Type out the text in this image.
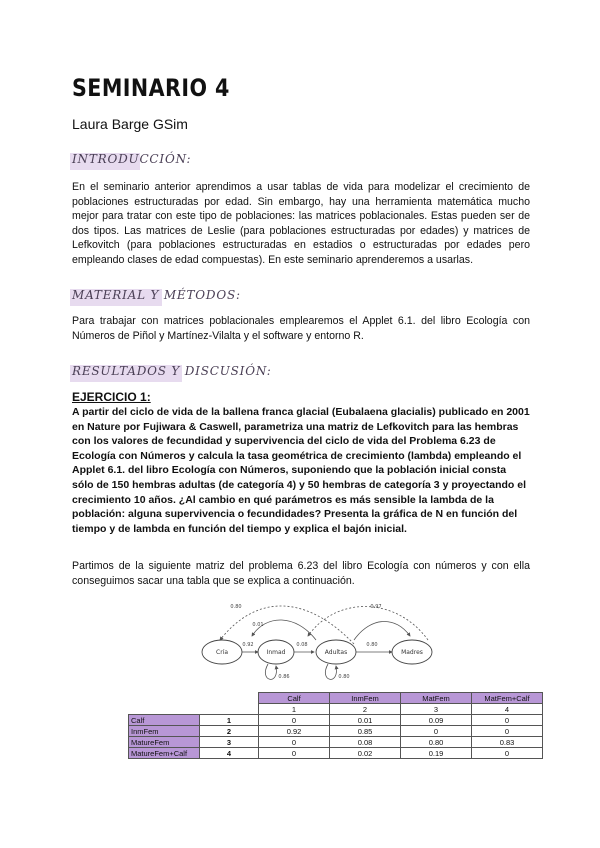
SEMINARIO 4
Laura Barge GSim
INTRODUCCIÓN:
En el seminario anterior aprendimos a usar tablas de vida para modelizar el crecimiento de poblaciones estructuradas por edad. Sin embargo, hay una herramienta matemática mucho mejor para tratar con este tipo de poblaciones: las matrices poblacionales. Estas pueden ser de dos tipos. Las matrices de Leslie (para poblaciones estructuradas por edades) y matrices de Lefkovitch (para poblaciones estructuradas en estadios o estructuradas por edades pero empleando clases de edad compuestas). En este seminario aprenderemos a usarlas.
MATERIAL Y MÉTODOS:
Para trabajar con matrices poblacionales emplearemos el Applet 6.1. del libro Ecología con Números de Piñol y Martínez-Vilalta y el software y entorno R.
RESULTADOS Y DISCUSIÓN:
EJERCICIO 1:
A partir del ciclo de vida de la ballena franca glacial (Eubalaena glacialis) publicado en 2001 en Nature por Fujiwara & Caswell, parametriza una matriz de Lefkovitch para las hembras con los valores de fecundidad y supervivencia del ciclo de vida del Problema 6.23 de Ecología con Números y calcula la tasa geométrica de crecimiento (lambda) empleando el Applet 6.1. del libro Ecología con Números, suponiendo que la población inicial consta sólo de 150 hembras adultas (de categoría 4) y 50 hembras de categoría 3 y proyectando el crecimiento 10 años. ¿Al cambio en qué parámetros es más sensible la lambda de la población: alguna supervivencia o fecundidades? Presenta la gráfica de N en función del tiempo y de lambda en función del tiempo y explica el bajón inicial.
Partimos de la siguiente matriz del problema 6.23 del libro Ecología con números y con ella conseguimos sacar una tabla que se explica a continuación.
Cría	Inmad	Adultas	Madres
0.80
0.01
0.92	0.08	0.80
0.97
0.86	0.80
		Calf	InmFem	MatFem	MatFem+Calf
		1	2	3	4
Calf	1	0	0.01	0.09	0
InmFem	2	0.92	0.85	0	0
MatureFem	3	0	0.08	0.80	0.83
MatureFem+Calf	4	0	0.02	0.19	0
